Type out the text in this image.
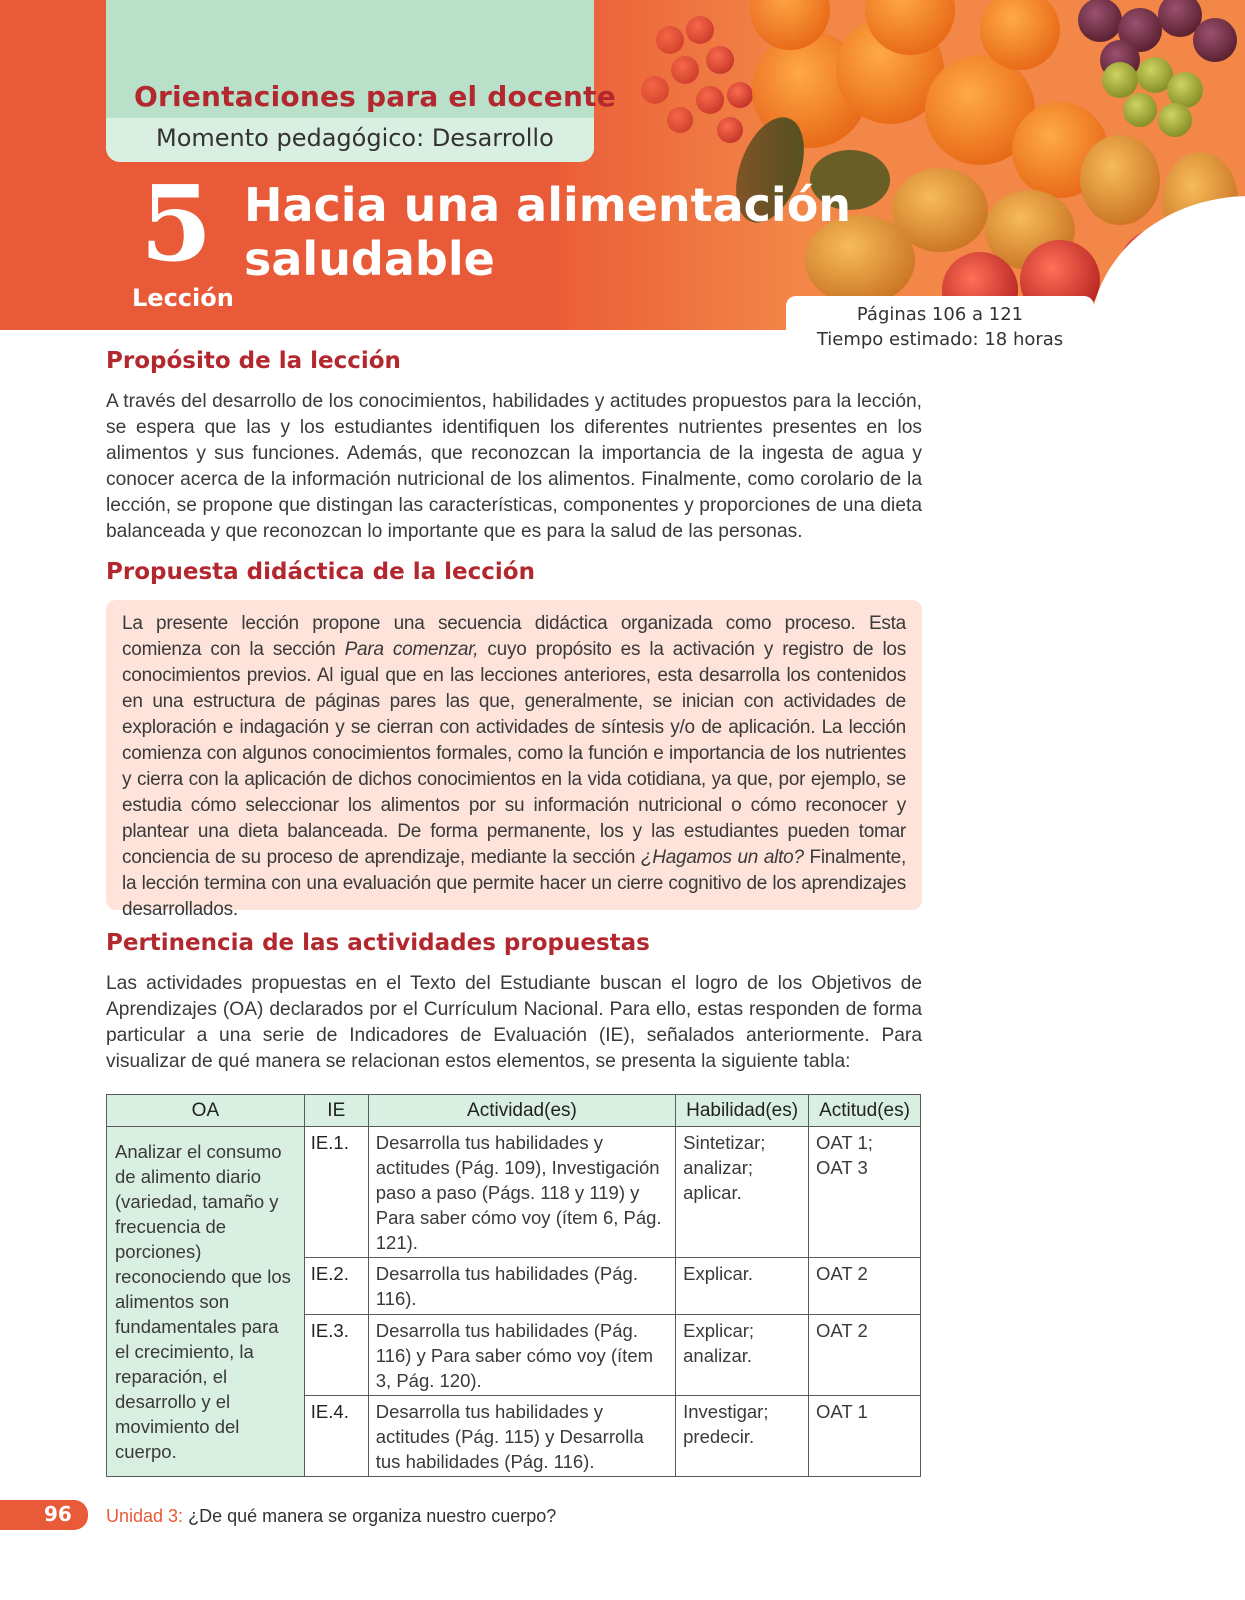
Orientaciones para el docente
Momento pedagógico: Desarrollo
5
Lección
Hacia una alimentación
saludable
Páginas 106 a 121
Tiempo estimado: 18 horas
Propósito de la lección
A través del desarrollo de los conocimientos, habilidades y actitudes propuestos para la lección, se espera que las y los estudiantes identifiquen los diferentes nutrientes presentes en los alimentos y sus funciones. Además, que reconozcan la importancia de la ingesta de agua y conocer acerca de la información nutricional de los alimentos. Finalmente, como corolario de la lección, se propone que distingan las características, componentes y proporciones de una dieta balanceada y que reconozcan lo importante que es para la salud de las personas.
Propuesta didáctica de la lección

La presente lección propone una secuencia didáctica organizada como proceso. Esta comienza con la sección Para comenzar, cuyo propósito es la activación y registro de los conocimientos previos. Al igual que en las lecciones anteriores, esta desarrolla los contenidos en una estructura de páginas pares las que, generalmente, se inician con actividades de exploración e indagación y se cierran con actividades de síntesis y/o de aplicación. La lección comienza con algunos conocimientos formales, como la función e importancia de los nutrientes y cierra con la aplicación de dichos conocimientos en la vida cotidiana, ya que, por ejemplo, se estudia cómo seleccionar los alimentos por su información nutricional o cómo reconocer y plantear una dieta balanceada. De forma permanente, los y las estudiantes pueden tomar conciencia de su proceso de aprendizaje, mediante la sección ¿Hagamos un alto? Finalmente, la lección termina con una evaluación que permite hacer un cierre cognitivo de los aprendizajes desarrollados.

Pertinencia de las actividades propuestas
Las actividades propuestas en el Texto del Estudiante buscan el logro de los Objetivos de Aprendizajes (OA) declarados por el Currículum Nacional. Para ello, estas responden de forma particular a una serie de Indicadores de Evaluación (IE), señalados anteriormente. Para visualizar de qué manera se relacionan estos elementos, se presenta la siguiente tabla:
OA	IE	Actividad(es)	Habilidad(es)	Actitud(es)
Analizar el consumo de alimento diario (variedad, tamaño y frecuencia de porciones) reconociendo que los alimentos son fundamentales para el crecimiento, la reparación, el desarrollo y el movimiento del cuerpo.	IE.1.	Desarrolla tus habilidades y actitudes (Pág. 109), Investigación paso a paso (Págs. 118 y 119) y Para saber cómo voy (ítem 6, Pág. 121).	Sintetizar; analizar; aplicar.	OAT 1; OAT 3
	IE.2.	Desarrolla tus habilidades (Pág. 116).	Explicar.	OAT 2
	IE.3.	Desarrolla tus habilidades (Pág. 116) y Para saber cómo voy (ítem 3, Pág. 120).	Explicar; analizar.	OAT 2
	IE.4.	Desarrolla tus habilidades y actitudes (Pág. 115) y Desarrolla tus habilidades (Pág. 116).	Investigar; predecir.	OAT 1
96 Unidad 3: ¿De qué manera se organiza nuestro cuerpo?
